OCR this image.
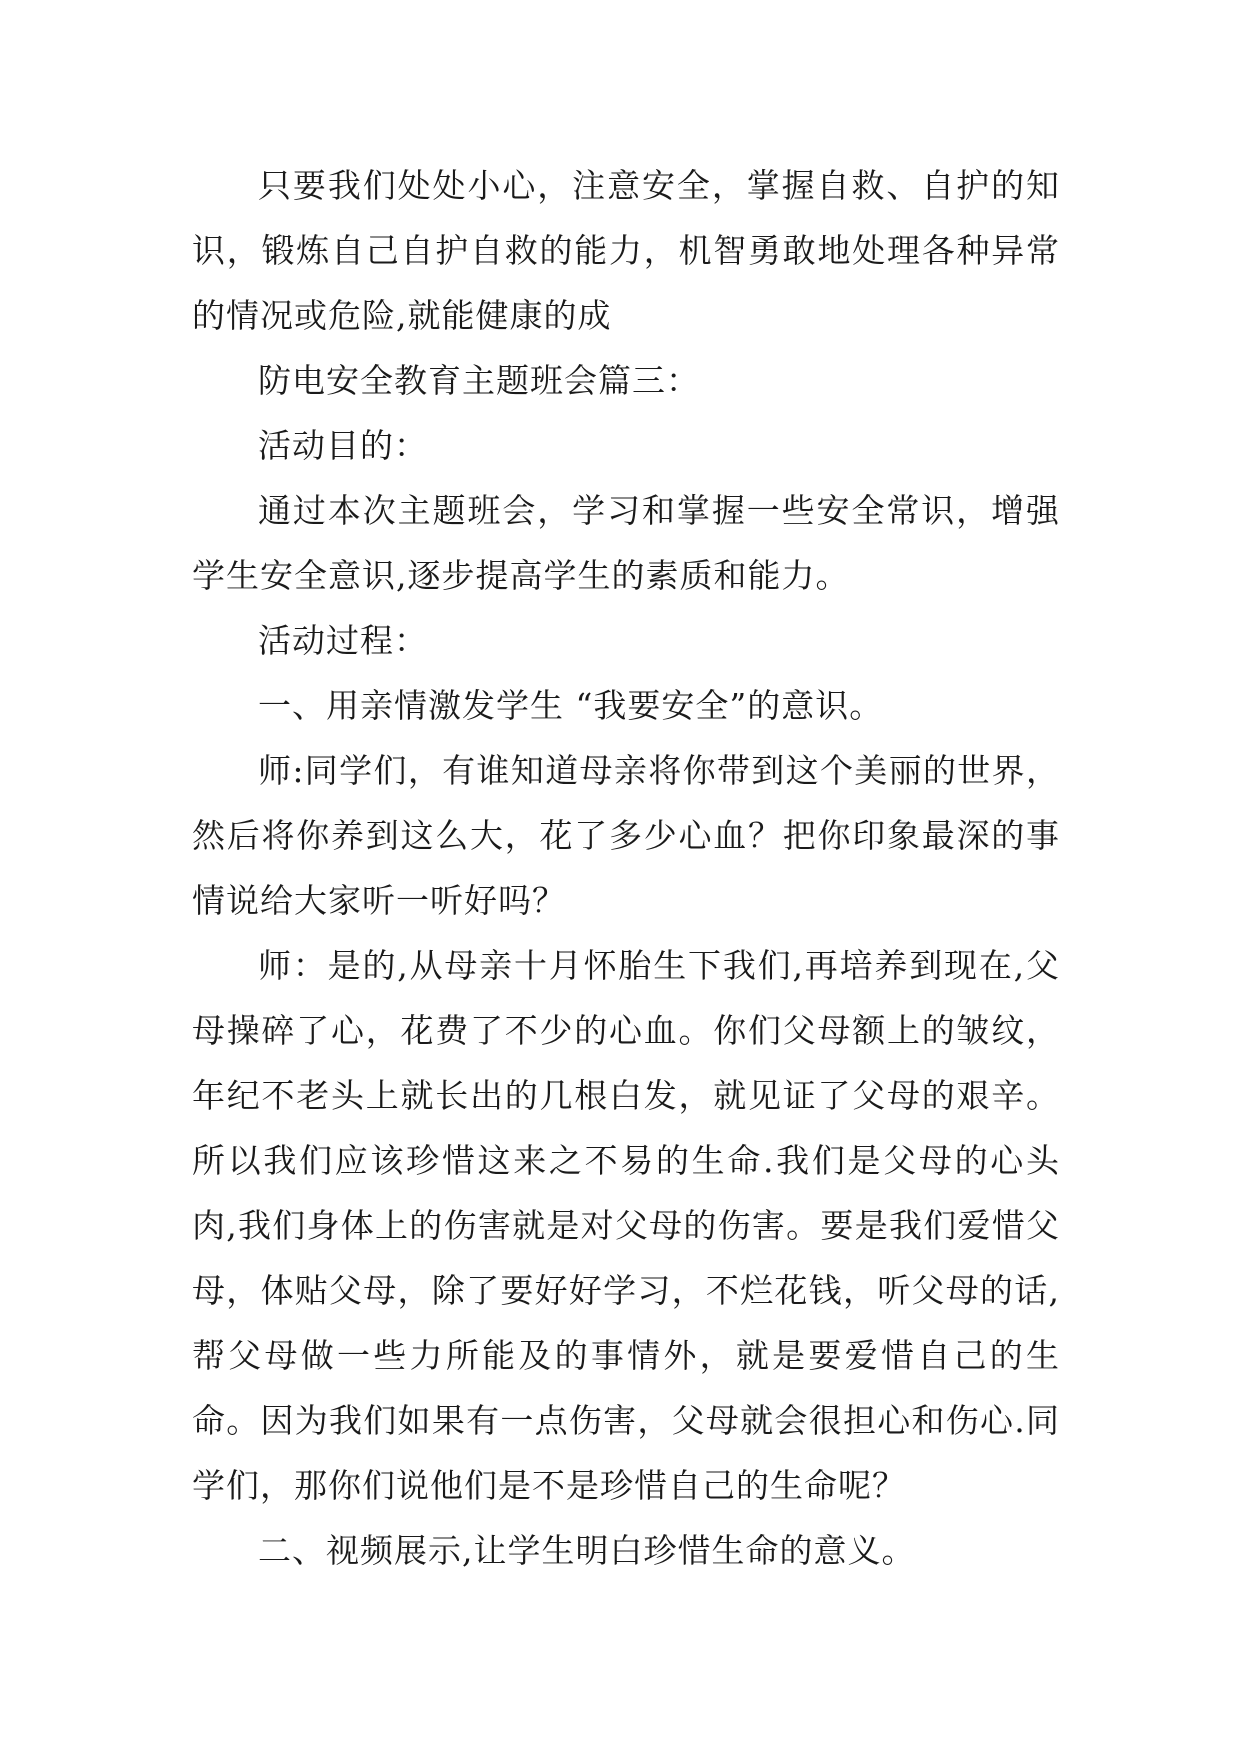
只要我们处处小心，注意安全，掌握自救、自护的知识，锻炼自己自护自救的能力，机智勇敢地处理各种异常的情况或危险,就能健康的成

防电安全教育主题班会篇三：

活动目的：

通过本次主题班会，学习和掌握一些安全常识，增强学生安全意识,逐步提高学生的素质和能力。

活动过程：

一、用亲情激发学生 “我要安全”的意识。

师:同学们，有谁知道母亲将你带到这个美丽的世界，然后将你养到这么大，花了多少心血？把你印象最深的事情说给大家听一听好吗？

师：是的,从母亲十月怀胎生下我们,再培养到现在,父母操碎了心，花费了不少的心血。你们父母额上的皱纹，年纪不老头上就长出的几根白发，就见证了父母的艰辛。所以我们应该珍惜这来之不易的生命.我们是父母的心头肉,我们身体上的伤害就是对父母的伤害。要是我们爱惜父母，体贴父母，除了要好好学习，不烂花钱，听父母的话,帮父母做一些力所能及的事情外，就是要爱惜自己的生命。因为我们如果有一点伤害，父母就会很担心和伤心.同学们，那你们说他们是不是珍惜自己的生命呢？

二、视频展示,让学生明白珍惜生命的意义。
